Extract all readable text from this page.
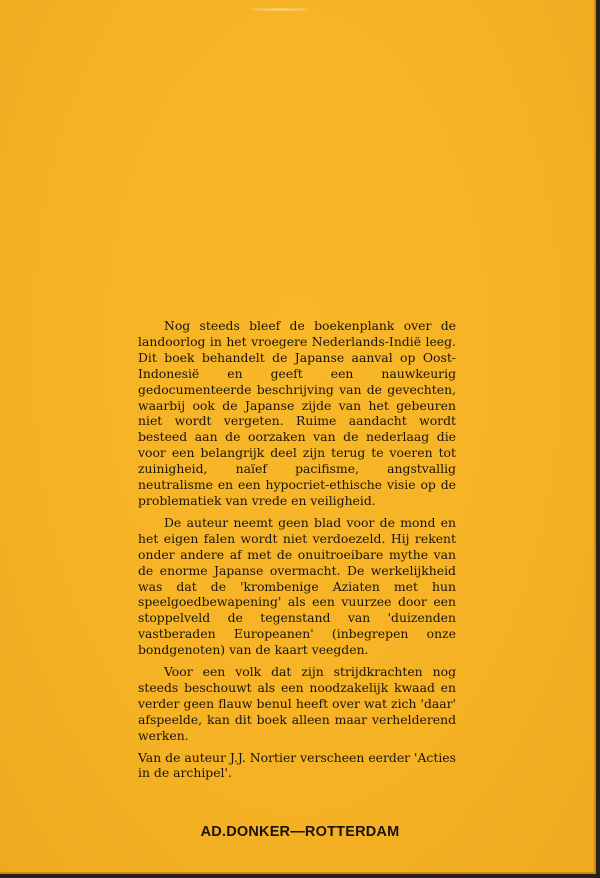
Nog steeds bleef de boekenplank over de landoorlog in het vroegere Nederlands-Indië leeg. Dit boek behandelt de Japanse aanval op Oost-Indonesië en geeft een nauwkeurig gedocumenteerde beschrijving van de gevechten, waarbij ook de Japanse zijde van het gebeuren niet wordt vergeten. Ruime aandacht wordt besteed aan de oorzaken van de nederlaag die voor een belangrijk deel zijn terug te voeren tot zuinigheid, naïef pacifisme, angstvallig neutralisme en een hypocriet-ethische visie op de problematiek van vrede en veiligheid.

De auteur neemt geen blad voor de mond en het eigen falen wordt niet verdoezeld. Hij rekent onder andere af met de onuitroeibare mythe van de enorme Japanse overmacht. De werkelijkheid was dat de 'krombenige Aziaten met hun speelgoedbewapening' als een vuurzee door een stoppelveld de tegenstand van 'duizenden vastberaden Europeanen' (inbegrepen onze bondgenoten) van de kaart veegden.

Voor een volk dat zijn strijdkrachten nog steeds beschouwt als een noodzakelijk kwaad en verder geen flauw benul heeft over wat zich 'daar' afspeelde, kan dit boek alleen maar verhelderend werken.

Van de auteur J.J. Nortier verscheen eerder 'Acties in de archipel'.

AD.DONKER—ROTTERDAM
